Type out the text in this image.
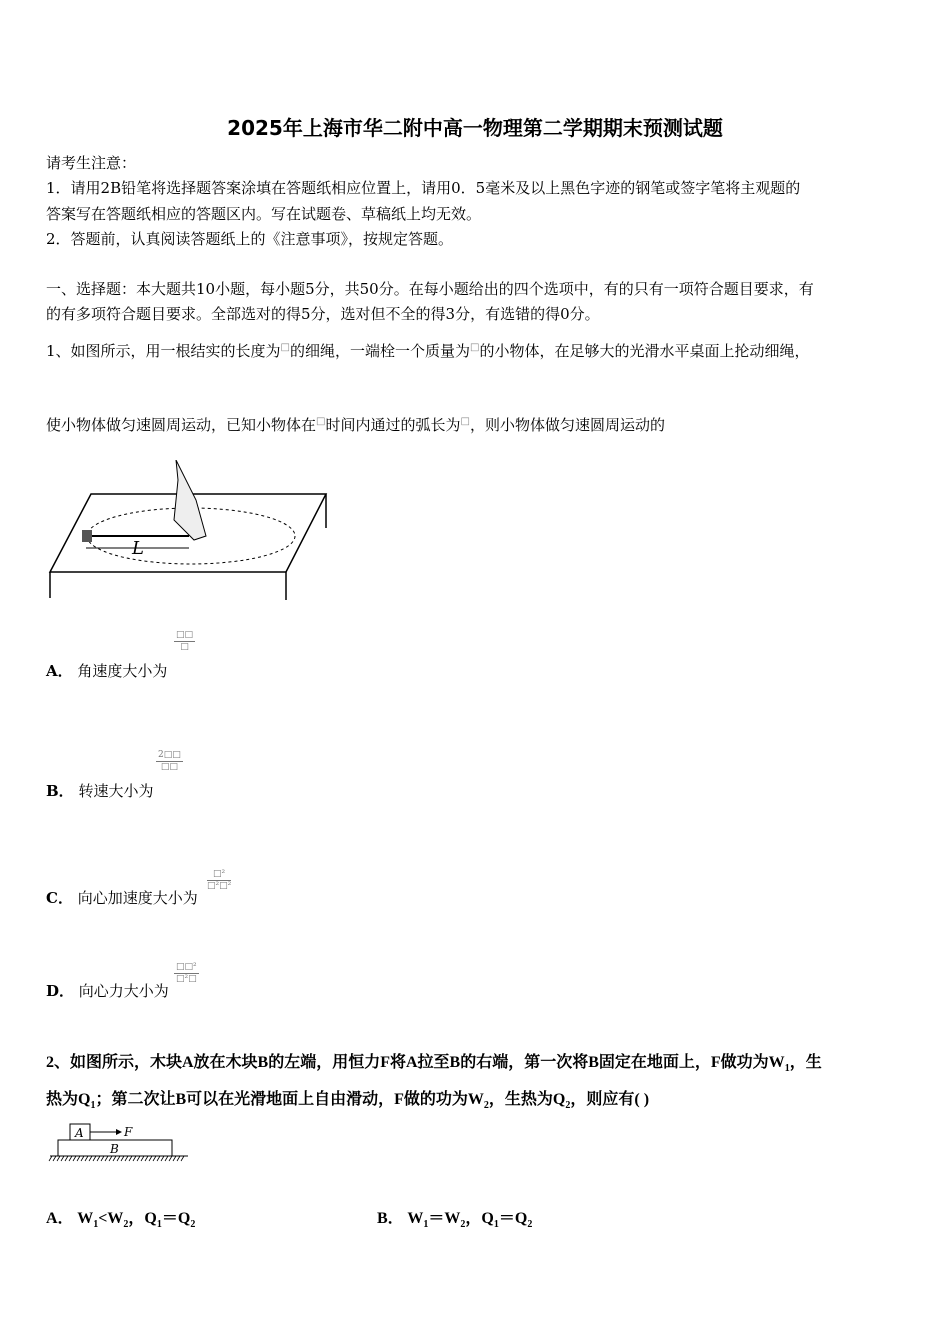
2025年上海市华二附中高一物理第二学期期末预测试题
请考生注意：
1．请用2B铅笔将选择题答案涂填在答题纸相应位置上，请用0．5毫米及以上黑色字迹的钢笔或签字笔将主观题的
答案写在答题纸相应的答题区内。写在试题卷、草稿纸上均无效。
2．答题前，认真阅读答题纸上的《注意事项》，按规定答题。
一、选择题：本大题共10小题，每小题5分，共50分。在每小题给出的四个选项中，有的只有一项符合题目要求，有
的有多项符合题目要求。全部选对的得5分，选对但不全的得3分，有选错的得0分。
1、如图所示，用一根结实的长度为□的细绳，一端栓一个质量为□的小物体，在足够大的光滑水平桌面上抡动细绳，
使小物体做匀速圆周运动，已知小物体在□时间内通过的弧长为□，则小物体做匀速圆周运动的
L
A． 角速度大小为
□□
□
B． 转速大小为
2□□
□□
C． 向心加速度大小为
□²
□²□²
D． 向心力大小为
□□²
□²□
2、如图所示，木块A放在木块B的左端，用恒力F将A拉至B的右端，第一次将B固定在地面上，F做功为$W_1$，生
热为$Q_1$；第二次让B可以在光滑地面上自由滑动，F做的功为$W_2$，生热为$Q_2$，则应有( )
A
B
F
A． $W_1<W_2$，$Q_1=Q_2$	B． $W_1=W_2$，$Q_1=Q_2$
